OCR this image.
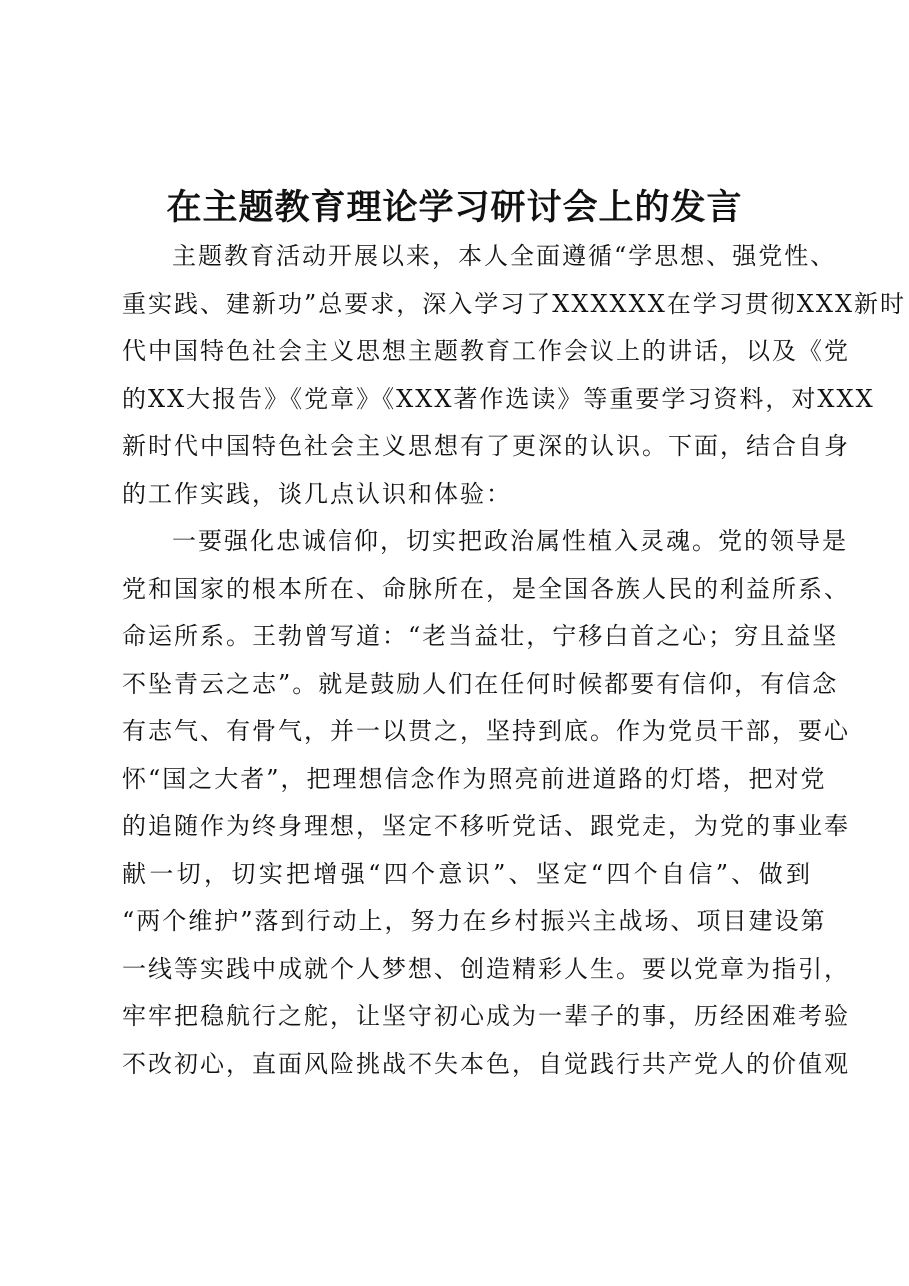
在主题教育理论学习研讨会上的发言
主题教育活动开展以来，本人全面遵循“学思想、强党性、
重实践、建新功”总要求，深入学习了XXXXXX在学习贯彻XXX新时
代中国特色社会主义思想主题教育工作会议上的讲话，以及《党
的XX大报告》《党章》《XXX著作选读》等重要学习资料，对XXX
新时代中国特色社会主义思想有了更深的认识。下面，结合自身
的工作实践，谈几点认识和体验：
一要强化忠诚信仰，切实把政治属性植入灵魂。党的领导是
党和国家的根本所在、命脉所在，是全国各族人民的利益所系、
命运所系。王勃曾写道：“老当益壮，宁移白首之心；穷且益坚
不坠青云之志”。就是鼓励人们在任何时候都要有信仰，有信念
有志气、有骨气，并一以贯之，坚持到底。作为党员干部，要心
怀“国之大者”，把理想信念作为照亮前进道路的灯塔，把对党
的追随作为终身理想，坚定不移听党话、跟党走，为党的事业奉
献一切，切实把增强“四个意识”、坚定“四个自信”、做到
“两个维护”落到行动上，努力在乡村振兴主战场、项目建设第
一线等实践中成就个人梦想、创造精彩人生。要以党章为指引，
牢牢把稳航行之舵，让坚守初心成为一辈子的事，历经困难考验
不改初心，直面风险挑战不失本色，自觉践行共产党人的价值观
